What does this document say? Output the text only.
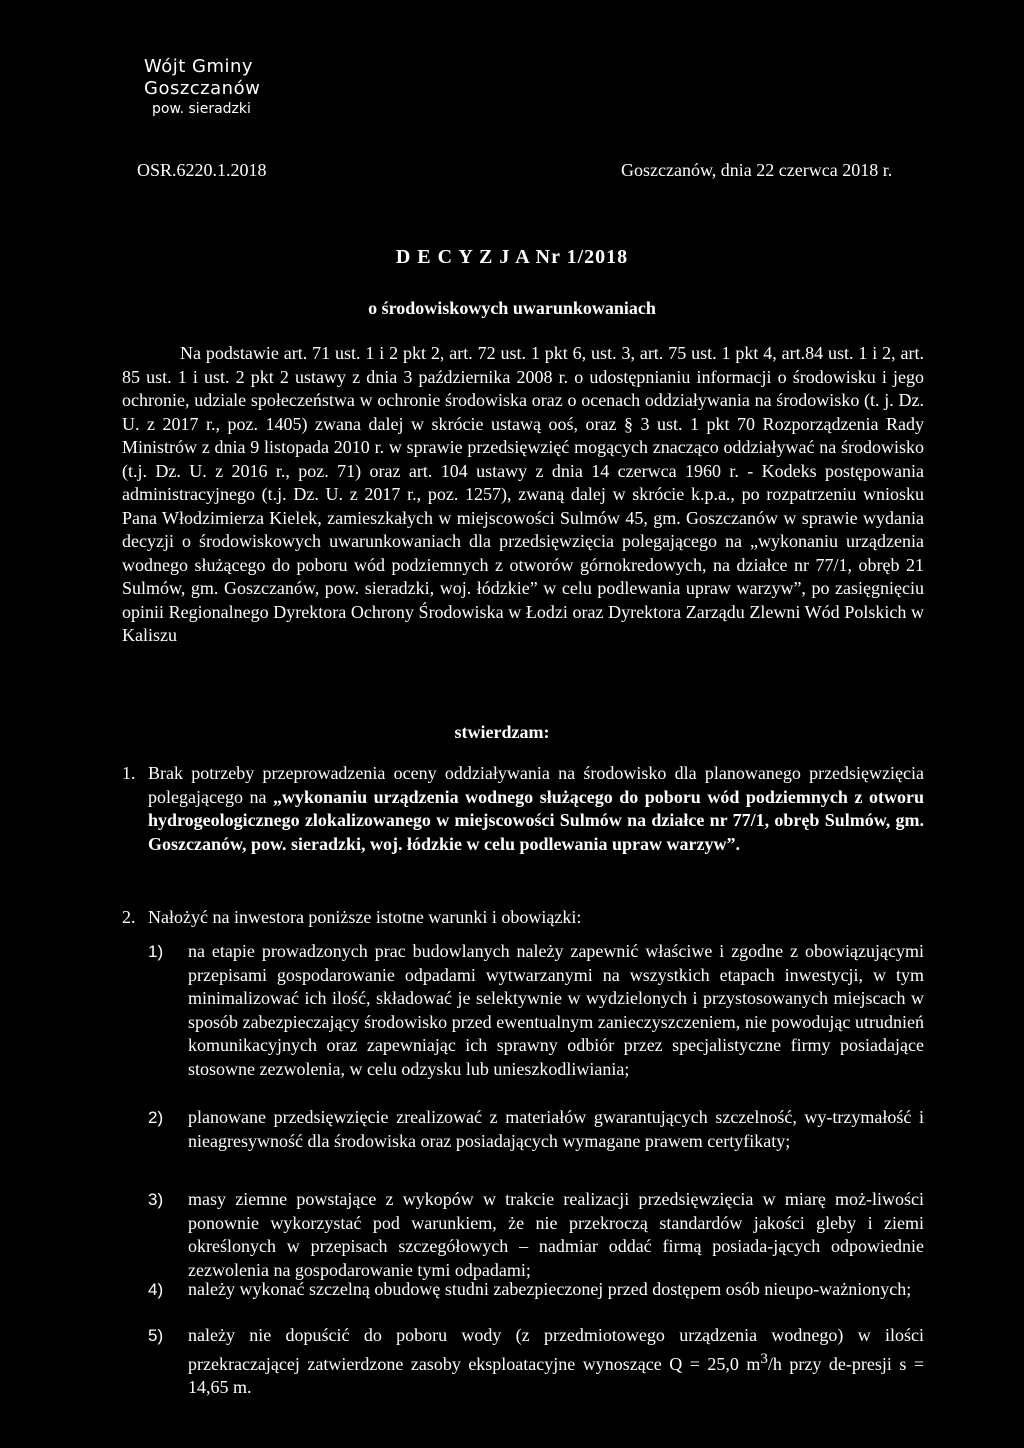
Wójt Gminy
Goszczanów
pow. sieradzki
OSR.6220.1.2018	Goszczanów, dnia 22 czerwca 2018 r.
D E C Y Z J A Nr 1/2018
o środowiskowych uwarunkowaniach
Na podstawie art. 71 ust. 1 i 2 pkt 2, art. 72 ust. 1 pkt 6, ust. 3, art. 75 ust. 1 pkt 4, art.84 ust. 1 i 2, art. 85 ust. 1 i ust. 2 pkt 2 ustawy z dnia 3 października 2008 r. o udostępnianiu informacji o środowisku i jego ochronie, udziale społeczeństwa w ochronie środowiska oraz o ocenach oddziaływania na środowisko (t. j. Dz. U. z 2017 r., poz. 1405) zwana dalej w skrócie ustawą ooś, oraz § 3 ust. 1 pkt 70 Rozporządzenia Rady Ministrów z dnia 9 listopada 2010 r. w sprawie przedsięwzięć mogących znacząco oddziaływać na środowisko (t.j. Dz. U. z 2016 r., poz. 71) oraz art. 104 ustawy z dnia 14 czerwca 1960 r. - Kodeks postępowania administracyjnego (t.j. Dz. U. z 2017 r., poz. 1257), zwaną dalej w skrócie k.p.a., po rozpatrzeniu wniosku Pana Włodzimierza Kielek, zamieszkałych w miejscowości Sulmów 45, gm. Goszczanów w sprawie wydania decyzji o środowiskowych uwarunkowaniach dla przedsięwzięcia polegającego na „wykonaniu urządzenia wodnego służącego do poboru wód podziemnych z otworów górnokredowych, na działce nr 77/1, obręb 21 Sulmów, gm. Goszczanów, pow. sieradzki, woj. łódzkie” w celu podlewania upraw warzyw”, po zasięgnięciu opinii Regionalnego Dyrektora Ochrony Środowiska w Łodzi oraz Dyrektora Zarządu Zlewni Wód Polskich w Kaliszu
stwierdzam:
1. Brak potrzeby przeprowadzenia oceny oddziaływania na środowisko dla planowanego przedsięwzięcia polegającego na „wykonaniu urządzenia wodnego służącego do poboru wód podziemnych z otworu hydrogeologicznego zlokalizowanego w miejscowości Sulmów na działce nr 77/1, obręb Sulmów, gm. Goszczanów, pow. sieradzki, woj. łódzkie w celu podlewania upraw warzyw”.
2. Nałożyć na inwestora poniższe istotne warunki i obowiązki:
1) na etapie prowadzonych prac budowlanych należy zapewnić właściwe i zgodne z obowiązującymi przepisami gospodarowanie odpadami wytwarzanymi na wszystkich etapach inwestycji, w tym minimalizować ich ilość, składować je selektywnie w wydzielonych i przystosowanych miejscach w sposób zabezpieczający środowisko przed ewentualnym zanieczyszczeniem, nie powodując utrudnień komunikacyjnych oraz zapewniając ich sprawny odbiór przez specjalistyczne firmy posiadające stosowne zezwolenia, w celu odzysku lub unieszkodliwiania;
2) planowane przedsięwzięcie zrealizować z materiałów gwarantujących szczelność, wy-trzymałość i nieagresywność dla środowiska oraz posiadających wymagane prawem certyfikaty;
3) masy ziemne powstające z wykopów w trakcie realizacji przedsięwzięcia w miarę moż-liwości ponownie wykorzystać pod warunkiem, że nie przekroczą standardów jakości gleby i ziemi określonych w przepisach szczegółowych – nadmiar oddać firmą posiada-jących odpowiednie zezwolenia na gospodarowanie tymi odpadami;
4) należy wykonać szczelną obudowę studni zabezpieczonej przed dostępem osób nieupo-ważnionych;
5) należy nie dopuścić do poboru wody (z przedmiotowego urządzenia wodnego) w ilości przekraczającej zatwierdzone zasoby eksploatacyjne wynoszące Q = 25,0 $m^3/h$ przy de-presji s = 14,65 m.
